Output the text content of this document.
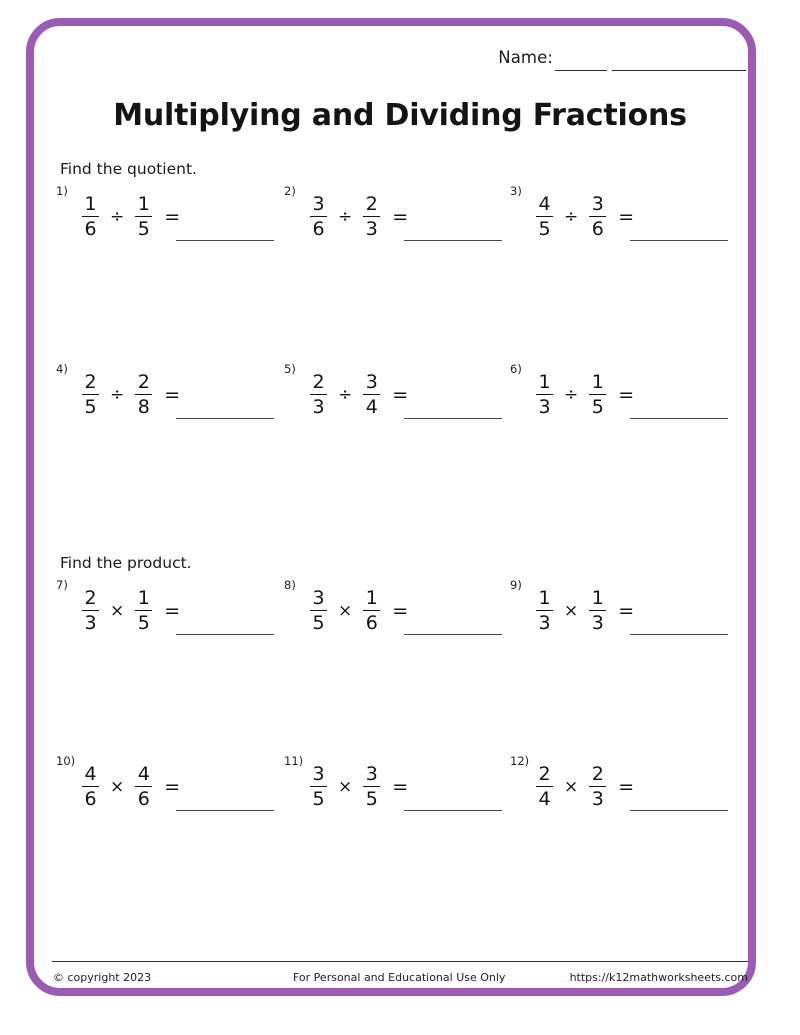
Name:
Multiplying and Dividing Fractions
Find the quotient.
Find the product.
1)
$\frac{1}{6} \div \frac{1}{5}$ =
2)
$\frac{3}{6} \div \frac{2}{3}$ =
3)
$\frac{4}{5} \div \frac{3}{6}$ =
4)
$\frac{2}{5} \div \frac{2}{8}$ =
5)
$\frac{2}{3} \div \frac{3}{4}$ =
6)
$\frac{1}{3} \div \frac{1}{5}$ =
7)
$\frac{2}{3} \times \frac{1}{5}$ =
8)
$\frac{3}{5} \times \frac{1}{6}$ =
9)
$\frac{1}{3} \times \frac{1}{3}$ =
10)
$\frac{4}{6} \times \frac{4}{6}$ =
11)
$\frac{3}{5} \times \frac{3}{5}$ =
12)
$\frac{2}{4} \times \frac{2}{3}$ =
© copyright 2023	For Personal and Educational Use Only	https://k12mathworksheets.com
